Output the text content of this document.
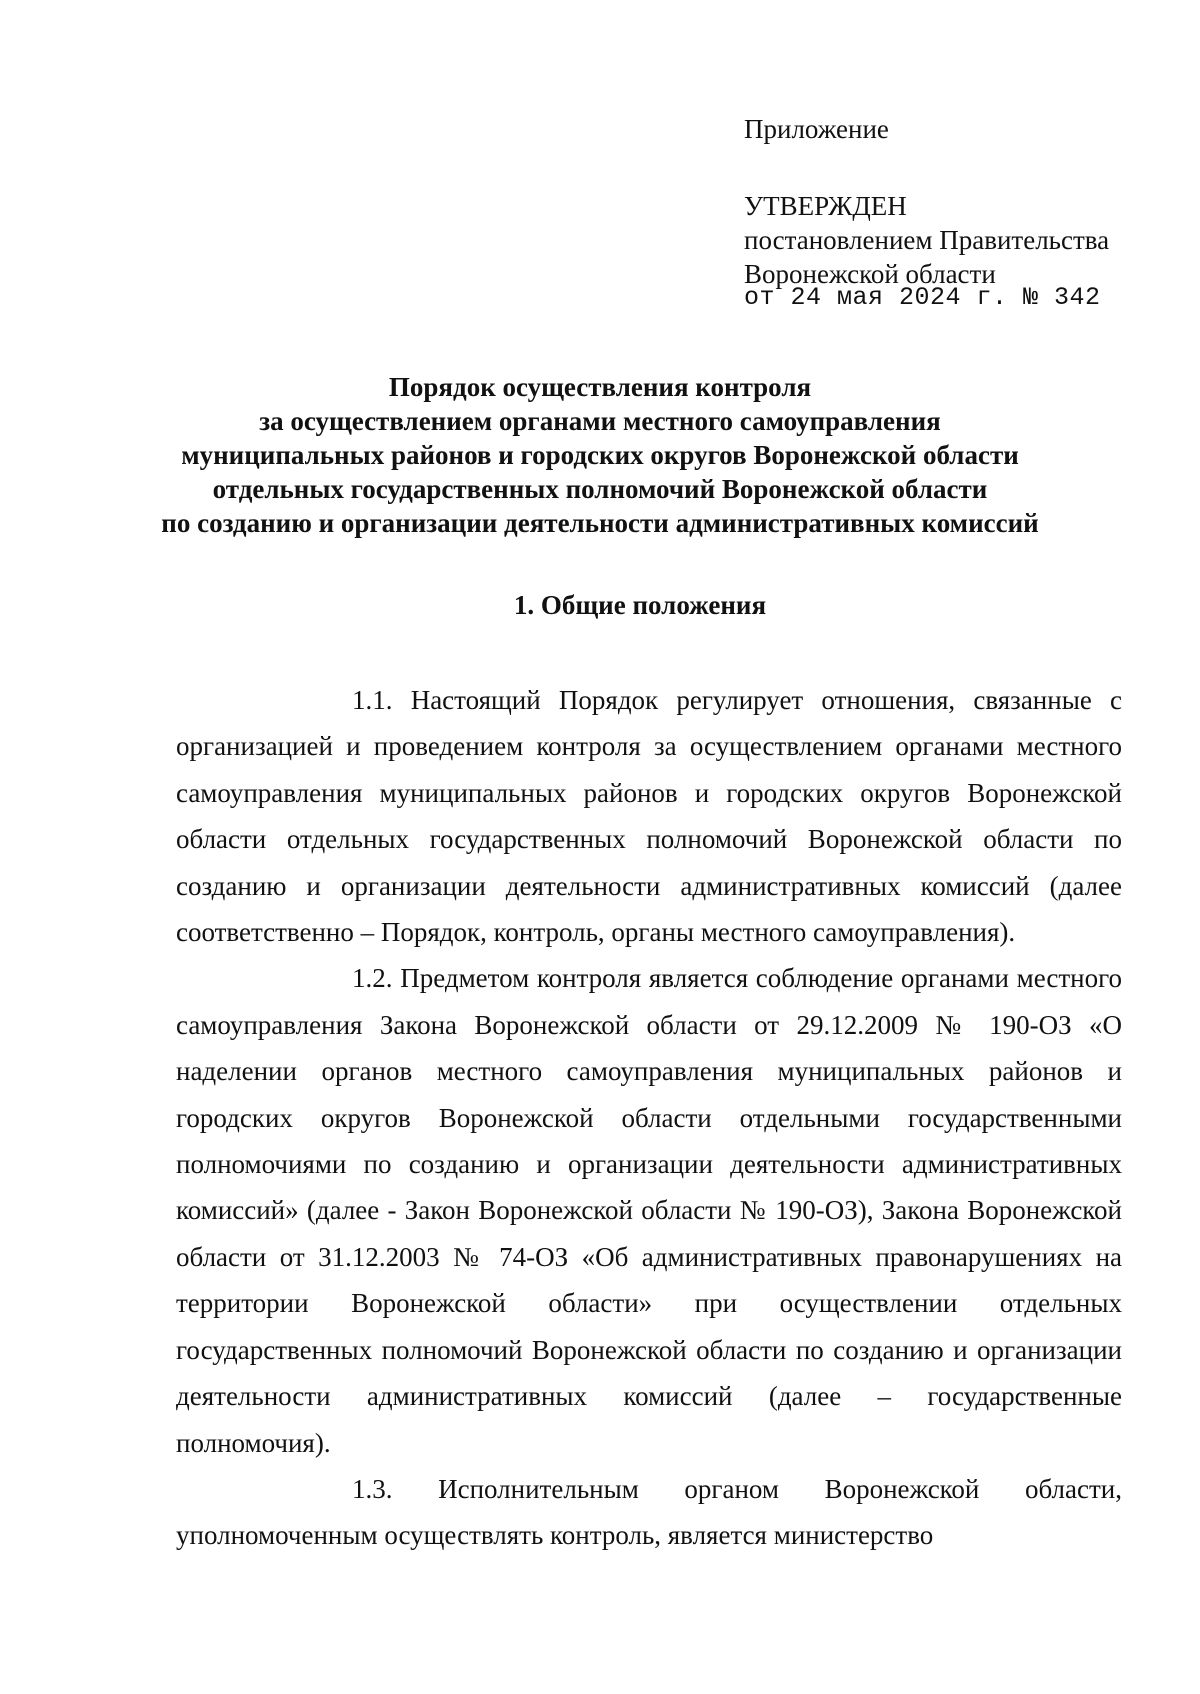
Приложение
УТВЕРЖДЕН
постановлением Правительства
Воронежской области
от 24 мая 2024 г. № 342
Порядок осуществления контроля
за осуществлением органами местного самоуправления
муниципальных районов и городских округов Воронежской области
отдельных государственных полномочий Воронежской области
по созданию и организации деятельности административных комиссий
1. Общие положения

1.1. Настоящий Порядок регулирует отношения, связанные с организацией и проведением контроля за осуществлением органами местного самоуправления муниципальных районов и городских округов Воронежской области отдельных государственных полномочий Воронежской области по созданию и организации деятельности административных комиссий (далее соответственно – Порядок, контроль, органы местного самоуправления).

1.2. Предметом контроля является соблюдение органами местного самоуправления Закона Воронежской области от 29.12.2009 № 190-ОЗ «О наделении органов местного самоуправления муниципальных районов и городских округов Воронежской области отдельными государственными полномочиями по созданию и организации деятельности административных комиссий» (далее - Закон Воронежской области № 190-ОЗ), Закона Воронежской области от 31.12.2003 № 74-ОЗ «Об административных правонарушениях на территории Воронежской области» при осуществлении отдельных государственных полномочий Воронежской области по созданию и организации деятельности административных комиссий (далее – государственные полномочия).

1.3. Исполнительным органом Воронежской области, уполномоченным осуществлять контроль, является министерство
